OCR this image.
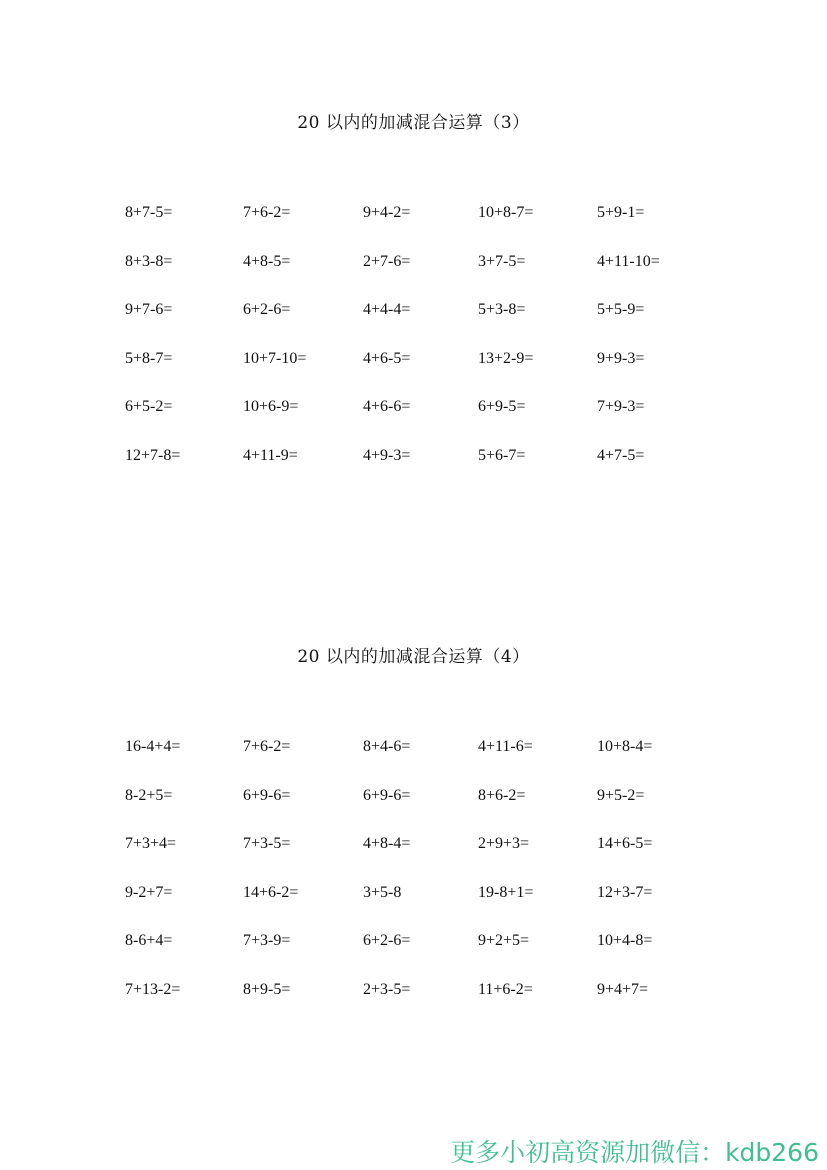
20 以内的加减混合运算（3）
8+7-5=	7+6-2=	9+4-2=	10+8-7=	5+9-1=
8+3-8=	4+8-5=	2+7-6=	3+7-5=	4+11-10=
9+7-6=	6+2-6=	4+4-4=	5+3-8=	5+5-9=
5+8-7=	10+7-10=	4+6-5=	13+2-9=	9+9-3=
6+5-2=	10+6-9=	4+6-6=	6+9-5=	7+9-3=
12+7-8=	4+11-9=	4+9-3=	5+6-7=	4+7-5=
20 以内的加减混合运算（4）
16-4+4=	7+6-2=	8+4-6=	4+11-6=	10+8-4=
8-2+5=	6+9-6=	6+9-6=	8+6-2=	9+5-2=
7+3+4=	7+3-5=	4+8-4=	2+9+3=	14+6-5=
9-2+7=	14+6-2=	3+5-8	19-8+1=	12+3-7=
8-6+4=	7+3-9=	6+2-6=	9+2+5=	10+4-8=
7+13-2=	8+9-5=	2+3-5=	11+6-2=	9+4+7=
更多小初高资源加微信：kdb266
